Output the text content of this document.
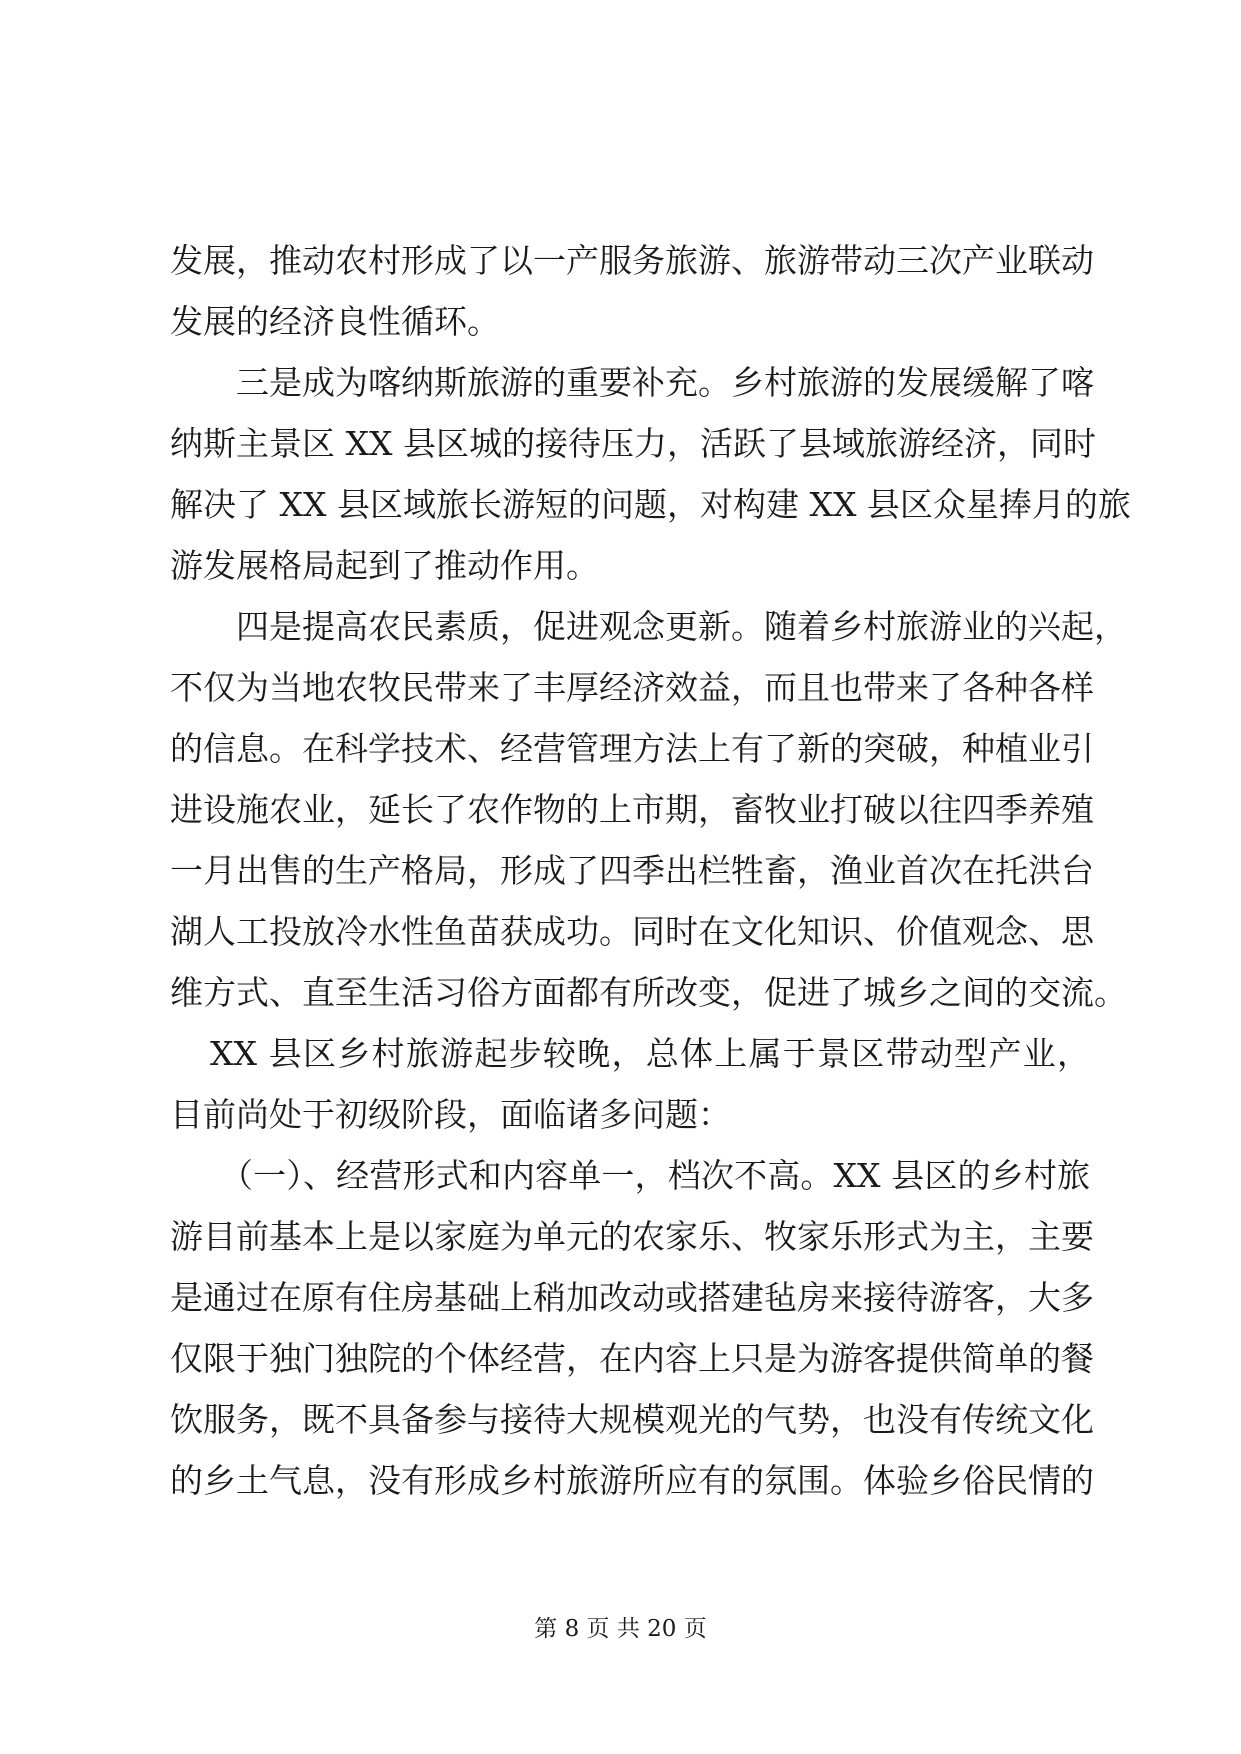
发展，推动农村形成了以一产服务旅游、旅游带动三次产业联动
发展的经济良性循环。
三是成为喀纳斯旅游的重要补充。乡村旅游的发展缓解了喀
纳斯主景区 XX 县区城的接待压力，活跃了县域旅游经济，同时
解决了 XX 县区域旅长游短的问题，对构建 XX 县区众星捧月的旅
游发展格局起到了推动作用。
四是提高农民素质，促进观念更新。随着乡村旅游业的兴起，
不仅为当地农牧民带来了丰厚经济效益，而且也带来了各种各样
的信息。在科学技术、经营管理方法上有了新的突破，种植业引
进设施农业，延长了农作物的上市期，畜牧业打破以往四季养殖
一月出售的生产格局，形成了四季出栏牲畜，渔业首次在托洪台
湖人工投放冷水性鱼苗获成功。同时在文化知识、价值观念、思
维方式、直至生活习俗方面都有所改变，促进了城乡之间的交流。
XX 县区乡村旅游起步较晚，总体上属于景区带动型产业，
目前尚处于初级阶段，面临诸多问题：
（一）、经营形式和内容单一，档次不高。XX 县区的乡村旅
游目前基本上是以家庭为单元的农家乐、牧家乐形式为主，主要
是通过在原有住房基础上稍加改动或搭建毡房来接待游客，大多
仅限于独门独院的个体经营，在内容上只是为游客提供简单的餐
饮服务，既不具备参与接待大规模观光的气势，也没有传统文化
的乡土气息，没有形成乡村旅游所应有的氛围。体验乡俗民情的
第 8 页 共 20 页
